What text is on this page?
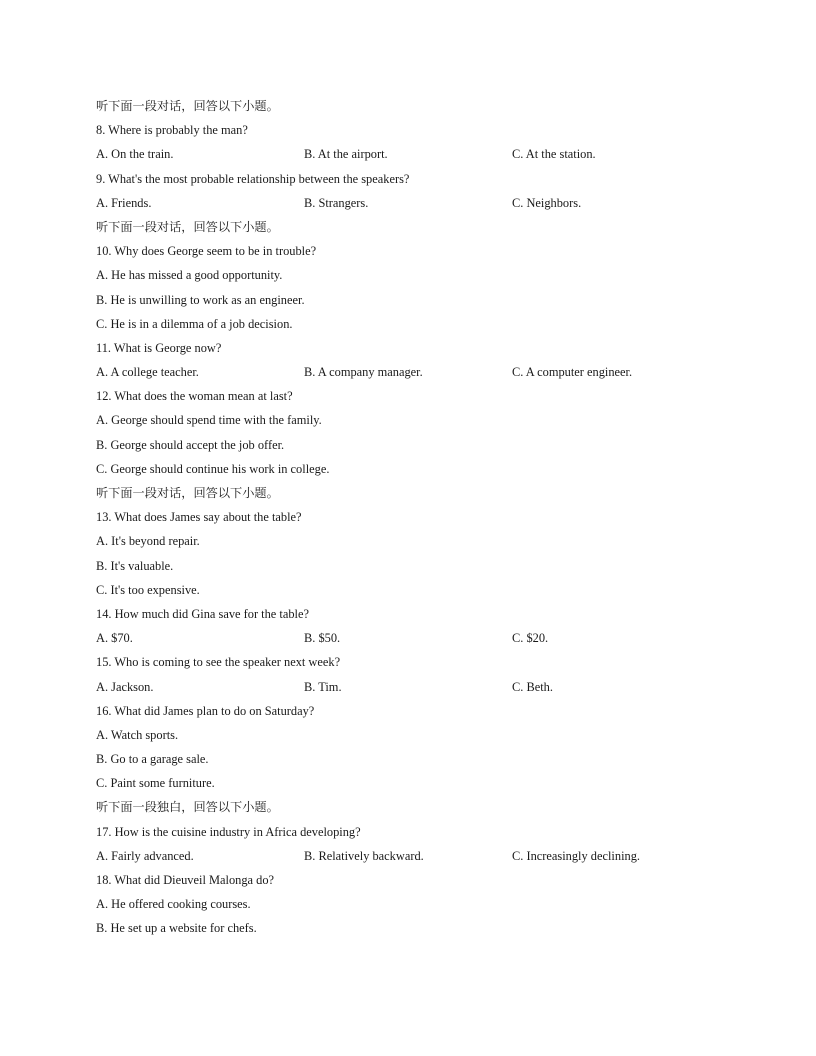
听下面一段对话，回答以下小题。
8. Where is probably the man?
A. On the train.	B. At the airport.	C. At the station.
9. What's the most probable relationship between the speakers?
A. Friends.	B. Strangers.	C. Neighbors.
听下面一段对话，回答以下小题。
10. Why does George seem to be in trouble?
A. He has missed a good opportunity.
B. He is unwilling to work as an engineer.
C. He is in a dilemma of a job decision.
11. What is George now?
A. A college teacher.	B. A company manager.	C. A computer engineer.
12. What does the woman mean at last?
A. George should spend time with the family.
B. George should accept the job offer.
C. George should continue his work in college.
听下面一段对话，回答以下小题。
13. What does James say about the table?
A. It's beyond repair.
B. It's valuable.
C. It's too expensive.
14. How much did Gina save for the table?
A. $70.	B. $50.	C. $20.
15. Who is coming to see the speaker next week?
A. Jackson.	B. Tim.	C. Beth.
16. What did James plan to do on Saturday?
A. Watch sports.
B. Go to a garage sale.
C. Paint some furniture.
听下面一段独白，回答以下小题。
17. How is the cuisine industry in Africa developing?
A. Fairly advanced.	B. Relatively backward.	C. Increasingly declining.
18. What did Dieuveil Malonga do?
A. He offered cooking courses.
B. He set up a website for chefs.
